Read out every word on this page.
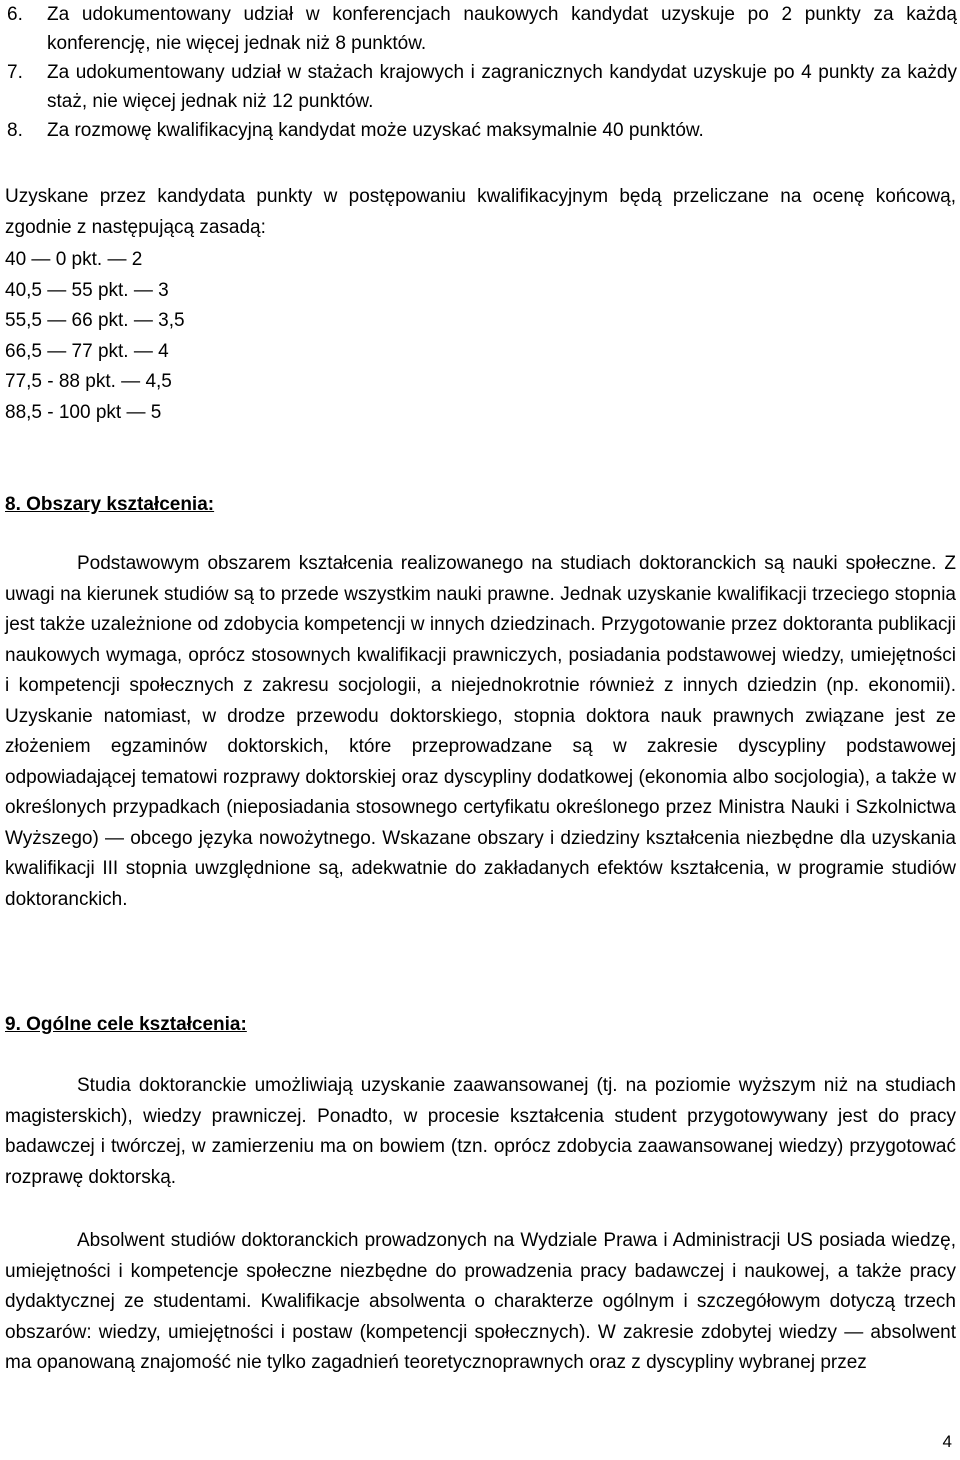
6.	Za udokumentowany udział w konferencjach naukowych kandydat uzyskuje po 2 punkty za każdą konferencję, nie więcej jednak niż 8 punktów.
7.	Za udokumentowany udział w stażach krajowych i zagranicznych kandydat uzyskuje po 4 punkty za każdy staż, nie więcej jednak niż 12 punktów.
8.	Za rozmowę kwalifikacyjną kandydat może uzyskać maksymalnie 40 punktów.

Uzyskane przez kandydata punkty w postępowaniu kwalifikacyjnym będą przeliczane na ocenę końcową, zgodnie z następującą zasadą:

40 — 0 pkt. — 2
40,5 — 55 pkt. — 3
55,5 — 66 pkt. — 3,5
66,5 — 77 pkt. — 4
77,5 - 88 pkt. — 4,5
88,5 - 100 pkt — 5
8. Obszary kształcenia:

Podstawowym obszarem kształcenia realizowanego na studiach doktoranckich są nauki społeczne. Z uwagi na kierunek studiów są to przede wszystkim nauki prawne. Jednak uzyskanie kwalifikacji trzeciego stopnia jest także uzależnione od zdobycia kompetencji w innych dziedzinach. Przygotowanie przez doktoranta publikacji naukowych wymaga, oprócz stosownych kwalifikacji prawniczych, posiadania podstawowej wiedzy, umiejętności i kompetencji społecznych z zakresu socjologii, a niejednokrotnie również z innych dziedzin (np. ekonomii). Uzyskanie natomiast, w drodze przewodu doktorskiego, stopnia doktora nauk prawnych związane jest ze złożeniem egzaminów doktorskich, które przeprowadzane są w zakresie dyscypliny podstawowej odpowiadającej tematowi rozprawy doktorskiej oraz dyscypliny dodatkowej (ekonomia albo socjologia), a także w określonych przypadkach (nieposiadania stosownego certyfikatu określonego przez Ministra Nauki i Szkolnictwa Wyższego) — obcego języka nowożytnego. Wskazane obszary i dziedziny kształcenia niezbędne dla uzyskania kwalifikacji III stopnia uwzględnione są, adekwatnie do zakładanych efektów kształcenia, w programie studiów doktoranckich.

9. Ogólne cele kształcenia:

Studia doktoranckie umożliwiają uzyskanie zaawansowanej (tj. na poziomie wyższym niż na studiach magisterskich), wiedzy prawniczej. Ponadto, w procesie kształcenia student przygotowywany jest do pracy badawczej i twórczej, w zamierzeniu ma on bowiem (tzn. oprócz zdobycia zaawansowanej wiedzy) przygotować rozprawę doktorską.

Absolwent studiów doktoranckich prowadzonych na Wydziale Prawa i Administracji US posiada wiedzę, umiejętności i kompetencje społeczne niezbędne do prowadzenia pracy badawczej i naukowej, a także pracy dydaktycznej ze studentami. Kwalifikacje absolwenta o charakterze ogólnym i szczegółowym dotyczą trzech obszarów: wiedzy, umiejętności i postaw (kompetencji społecznych). W zakresie zdobytej wiedzy — absolwent ma opanowaną znajomość nie tylko zagadnień teoretycznoprawnych oraz z dyscypliny wybranej przez

4
